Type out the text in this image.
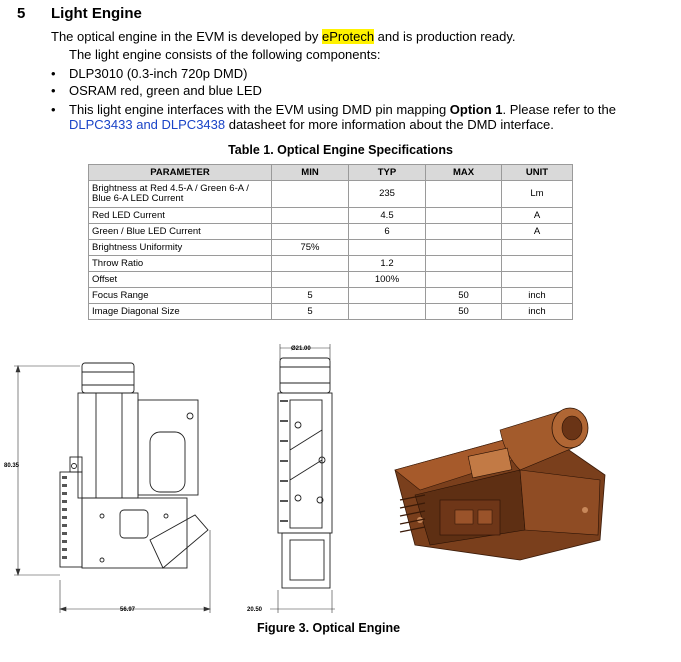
5 Light Engine
The optical engine in the EVM is developed by eProtech and is production ready.
The light engine consists of the following components:
• DLP3010 (0.3-inch 720p DMD)
• OSRAM red, green and blue LED
• This light engine interfaces with the EVM using DMD pin mapping Option 1. Please refer to the
DLPC3433 and DLPC3438 datasheet for more information about the DMD interface.
Table 1. Optical Engine Specifications
PARAMETER	MIN	TYP	MAX	UNIT
Brightness at Red 4.5-A / Green 6-A / Blue 6-A LED Current		235		Lm
Red LED Current		4.5		A
Green / Blue LED Current		6		A
Brightness Uniformity	75%			
Throw Ratio		1.2		
Offset		100%		
Focus Range	5		50	inch
Image Diagonal Size	5		50	inch
80.35
56.97
Ø21.00
20.50
Figure 3. Optical Engine
